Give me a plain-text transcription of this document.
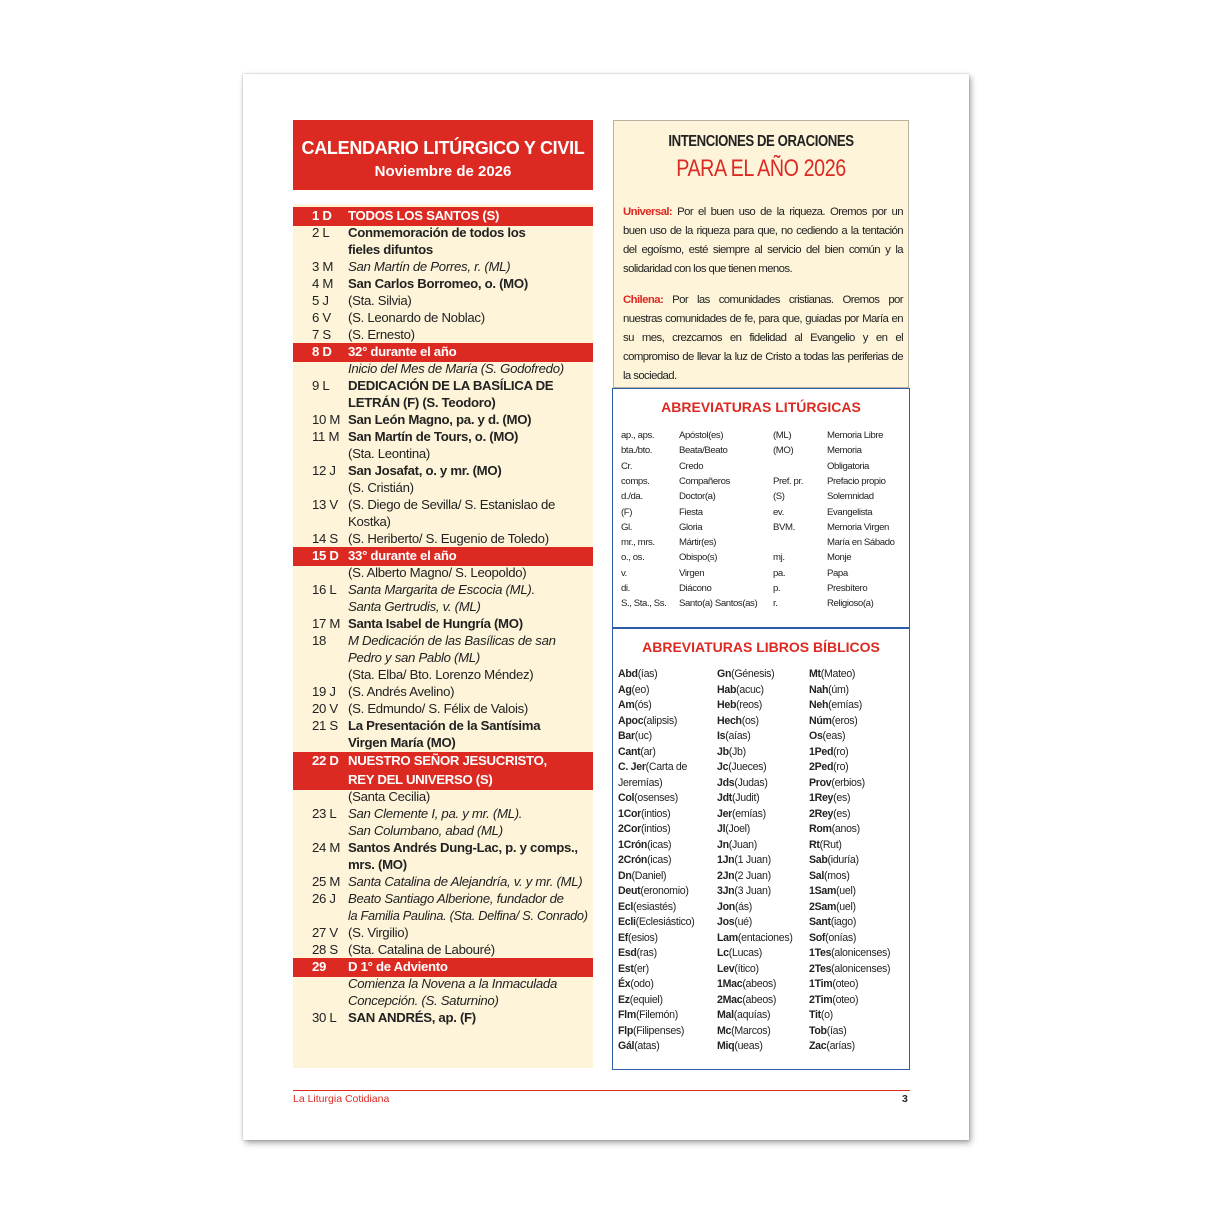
CALENDARIO LITÚRGICO Y CIVIL
Noviembre de 2026
1 D TODOS LOS SANTOS (S)
2 L Conmemoración de todos los
fieles difuntos
3 M San Martín de Porres, r. (ML)
4 M San Carlos Borromeo, o. (MO)
5 J (Sta. Silvia)
6 V (S. Leonardo de Noblac)
7 S (S. Ernesto)
8 D 32° durante el año
Inicio del Mes de María (S. Godofredo)
9 L DEDICACIÓN DE LA BASÍLICA DE
LETRÁN (F) (S. Teodoro)
10 M San León Magno, pa. y d. (MO)
11 M San Martín de Tours, o. (MO)
(Sta. Leontina)
12 J San Josafat, o. y mr. (MO)
(S. Cristián)
13 V (S. Diego de Sevilla/ S. Estanislao de
Kostka)
14 S (S. Heriberto/ S. Eugenio de Toledo)
15 D 33° durante el año
(S. Alberto Magno/ S. Leopoldo)
16 L Santa Margarita de Escocia (ML).
Santa Gertrudis, v. (ML)
17 M Santa Isabel de Hungría (MO)
18 M Dedicación de las Basílicas de san
Pedro y san Pablo (ML)
(Sta. Elba/ Bto. Lorenzo Méndez)
19 J (S. Andrés Avelino)
20 V (S. Edmundo/ S. Félix de Valois)
21 S La Presentación de la Santísima
Virgen María (MO)
22 D NUESTRO SEÑOR JESUCRISTO,
REY DEL UNIVERSO (S)
(Santa Cecilia)
23 L San Clemente I, pa. y mr. (ML).
San Columbano, abad (ML)
24 M Santos Andrés Dung-Lac, p. y comps.,
mrs. (MO)
25 M Santa Catalina de Alejandría, v. y mr. (ML)
26 J Beato Santiago Alberione, fundador de
la Familia Paulina. (Sta. Delfina/ S. Conrado)
27 V (S. Virgilio)
28 S (Sta. Catalina de Labouré)
29 D 1° de Adviento
Comienza la Novena a la Inmaculada
Concepción. (S. Saturnino)
30 L SAN ANDRÉS, ap. (F)
INTENCIONES DE ORACIONES
PARA EL AÑO 2026
Universal: Por el buen uso de la riqueza. Oremos por un buen uso de la riqueza para que, no cediendo a la tentación del egoísmo, esté siempre al servicio del bien común y la solidaridad con los que tienen menos.
Chilena: Por las comunidades cristianas. Oremos por nuestras comunidades de fe, para que, guiadas por María en su mes, crezcamos en fidelidad al Evangelio y en el compromiso de llevar la luz de Cristo a todas las periferias de la sociedad.
ABREVIATURAS LITÚRGICAS
ap., aps.
bta./bto.
Cr.
comps.
d./da.
(F)
Gl.
mr., mrs.
o., os.
v.
di.
S., Sta., Ss.
Apóstol(es)
Beata/Beato
Credo
Compañeros
Doctor(a)
Fiesta
Gloria
Mártir(es)
Obispo(s)
Virgen
Diácono
Santo(a) Santos(as)
(ML)
(MO)
Pref. pr.
(S)
ev.
BVM.
mj.
pa.
p.
r.
Memoria Libre
Memoria
Obligatoria
Prefacio propio
Solemnidad
Evangelista
Memoria Virgen
María en Sábado
Monje
Papa
Presbítero
Religioso(a)
ABREVIATURAS LIBROS BÍBLICOS
Abd(ías)
Ag(eo)
Am(ós)
Apoc(alipsis)
Bar(uc)
Cant(ar)
C. Jer(Carta de
Jeremías)
Col(osenses)
1Cor(intios)
2Cor(intios)
1Crón(icas)
2Crón(icas)
Dn(Daniel)
Deut(eronomio)
Ecl(esiastés)
Ecli(Eclesiástico)
Ef(esios)
Esd(ras)
Est(er)
Éx(odo)
Ez(equiel)
Flm(Filemón)
Flp(Filipenses)
Gál(atas)
Gn(Génesis)
Hab(acuc)
Heb(reos)
Hech(os)
Is(aías)
Jb(Jb)
Jc(Jueces)
Jds(Judas)
Jdt(Judit)
Jer(emías)
Jl(Joel)
Jn(Juan)
1Jn(1 Juan)
2Jn(2 Juan)
3Jn(3 Juan)
Jon(ás)
Jos(ué)
Lam(entaciones)
Lc(Lucas)
Lev(ítico)
1Mac(abeos)
2Mac(abeos)
Mal(aquías)
Mc(Marcos)
Miq(ueas)
Mt(Mateo)
Nah(úm)
Neh(emías)
Núm(eros)
Os(eas)
1Ped(ro)
2Ped(ro)
Prov(erbios)
1Rey(es)
2Rey(es)
Rom(anos)
Rt(Rut)
Sab(iduría)
Sal(mos)
1Sam(uel)
2Sam(uel)
Sant(iago)
Sof(onías)
1Tes(alonicenses)
2Tes(alonicenses)
1Tim(oteo)
2Tim(oteo)
Tit(o)
Tob(ías)
Zac(arías)
La Liturgia Cotidiana	3
